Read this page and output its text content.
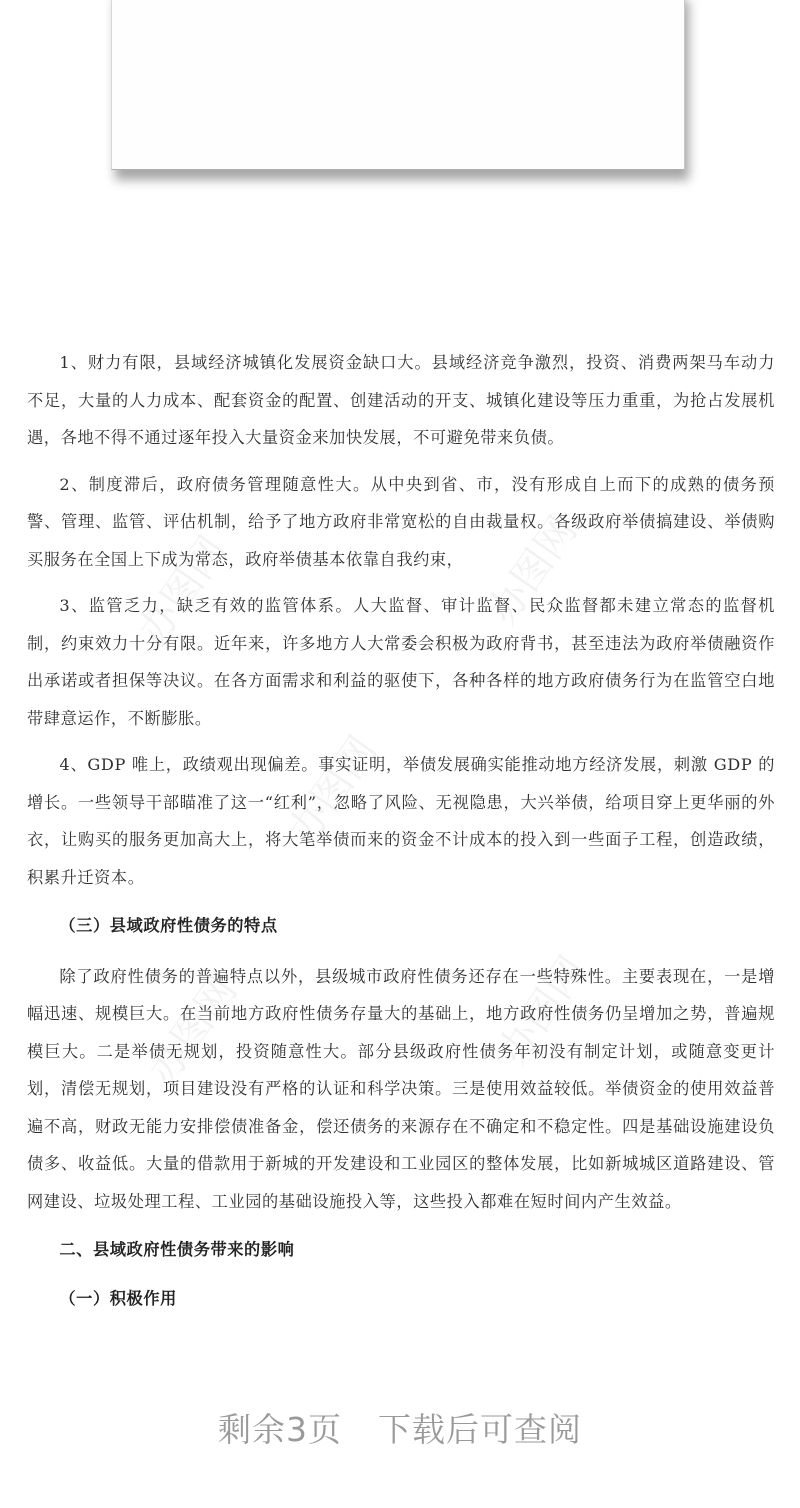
办图网	办图网
办图网
办图网	办图网

1、财力有限，县域经济城镇化发展资金缺口大。县域经济竞争激烈，投资、消费两架马车动力不足，大量的人力成本、配套资金的配置、创建活动的开支、城镇化建设等压力重重，为抢占发展机遇，各地不得不通过逐年投入大量资金来加快发展，不可避免带来负债。

2、制度滞后，政府债务管理随意性大。从中央到省、市，没有形成自上而下的成熟的债务预警、管理、监管、评估机制，给予了地方政府非常宽松的自由裁量权。各级政府举债搞建设、举债购买服务在全国上下成为常态，政府举债基本依靠自我约束，

3、监管乏力，缺乏有效的监管体系。人大监督、审计监督、民众监督都未建立常态的监督机制，约束效力十分有限。近年来，许多地方人大常委会积极为政府背书，甚至违法为政府举债融资作出承诺或者担保等决议。在各方面需求和利益的驱使下，各种各样的地方政府债务行为在监管空白地带肆意运作，不断膨胀。

4、GDP 唯上，政绩观出现偏差。事实证明，举债发展确实能推动地方经济发展，刺激 GDP 的增长。一些领导干部瞄准了这一“红利”，忽略了风险、无视隐患，大兴举债，给项目穿上更华丽的外衣，让购买的服务更加高大上，将大笔举债而来的资金不计成本的投入到一些面子工程，创造政绩，积累升迁资本。

（三）县域政府性债务的特点

除了政府性债务的普遍特点以外，县级城市政府性债务还存在一些特殊性。主要表现在，一是增幅迅速、规模巨大。在当前地方政府性债务存量大的基础上，地方政府性债务仍呈增加之势，普遍规模巨大。二是举债无规划，投资随意性大。部分县级政府性债务年初没有制定计划，或随意变更计划，清偿无规划，项目建设没有严格的认证和科学决策。三是使用效益较低。举债资金的使用效益普遍不高，财政无能力安排偿债准备金，偿还债务的来源存在不确定和不稳定性。四是基础设施建设负债多、收益低。大量的借款用于新城的开发建设和工业园区的整体发展，比如新城城区道路建设、管网建设、垃圾处理工程、工业园的基础设施投入等，这些投入都难在短时间内产生效益。

二、县域政府性债务带来的影响

（一）积极作用

剩余3页 下载后可查阅
